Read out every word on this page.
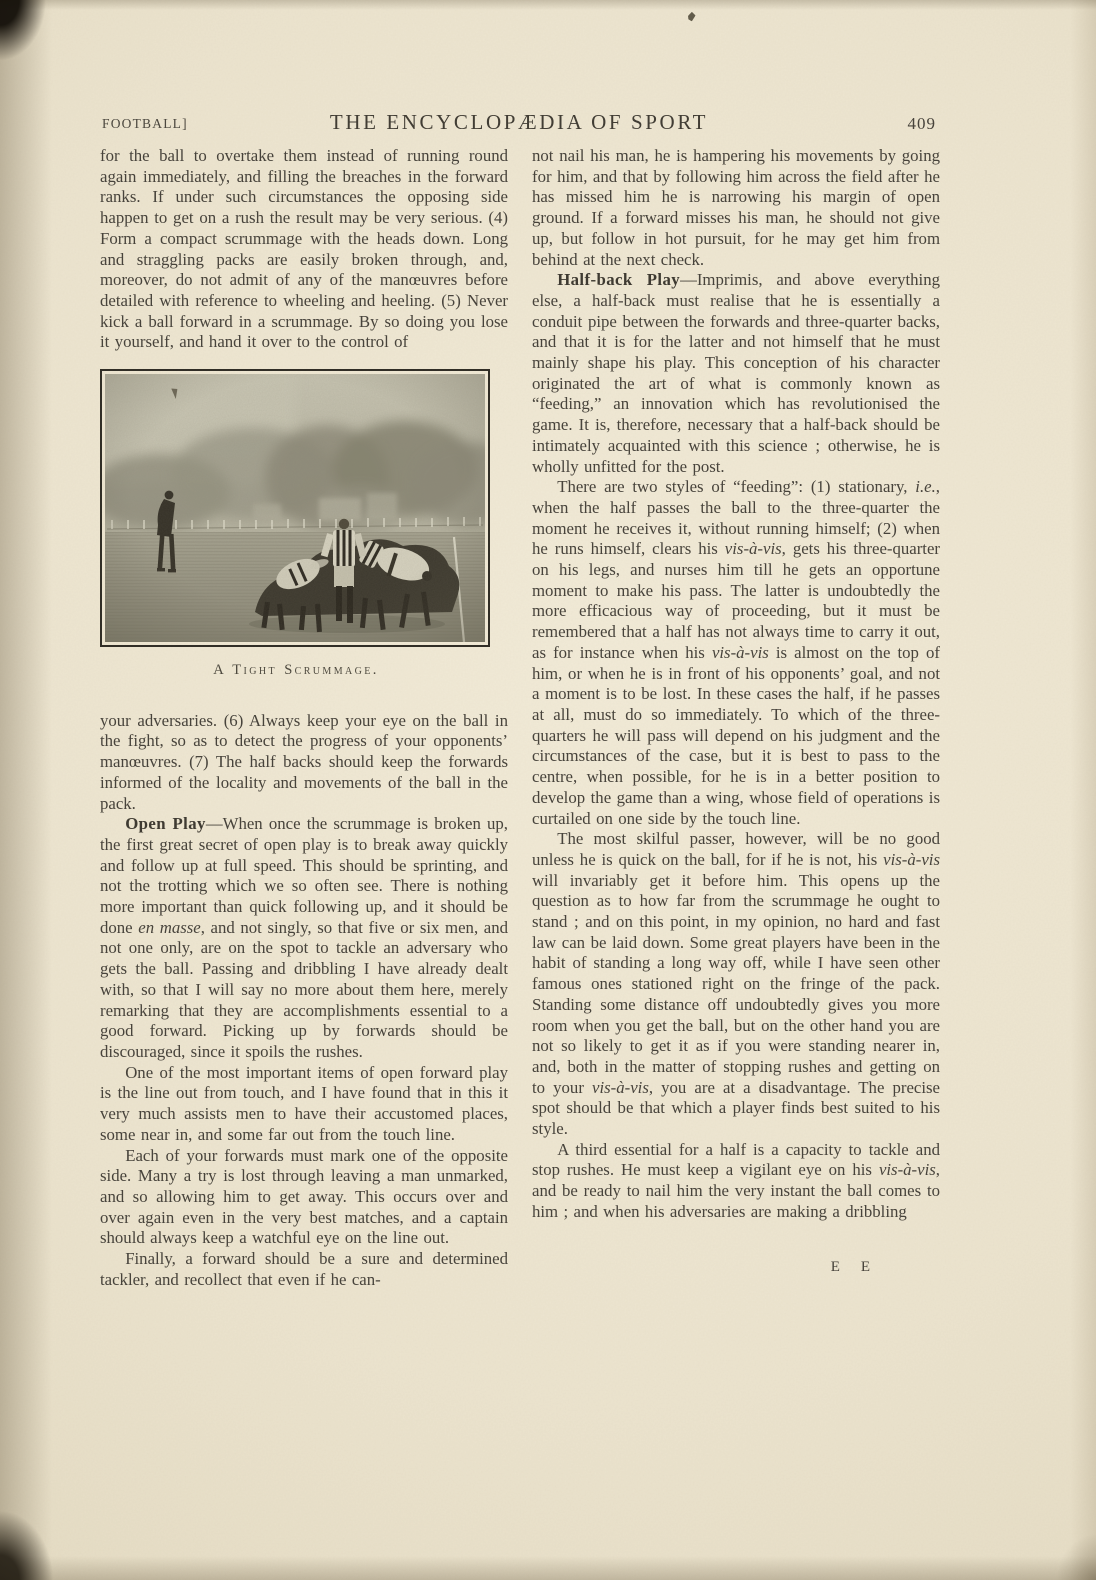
FOOTBALL]	THE ENCYCLOPÆDIA OF SPORT	409

for the ball to overtake them instead of running round again immediately, and filling the breaches in the forward ranks. If under such circumstances the opposing side happen to get on a rush the result may be very serious. (4) Form a compact scrummage with the heads down. Long and straggling packs are easily broken through, and, moreover, do not admit of any of the manœuvres before detailed with reference to wheeling and heeling. (5) Never kick a ball forward in a scrummage. By so doing you lose it yourself, and hand it over to the control of

A Tight Scrummage.

your adversaries. (6) Always keep your eye on the ball in the fight, so as to detect the progress of your opponents’ manœuvres. (7) The half backs should keep the forwards informed of the locality and movements of the ball in the pack.

Open Play—When once the scrummage is broken up, the first great secret of open play is to break away quickly and follow up at full speed. This should be sprinting, and not the trotting which we so often see. There is nothing more important than quick following up, and it should be done en masse, and not singly, so that five or six men, and not one only, are on the spot to tackle an adversary who gets the ball. Passing and dribbling I have already dealt with, so that I will say no more about them here, merely remarking that they are accomplishments essential to a good forward. Picking up by forwards should be discouraged, since it spoils the rushes.

One of the most important items of open forward play is the line out from touch, and I have found that in this it very much assists men to have their accustomed places, some near in, and some far out from the touch line.

Each of your forwards must mark one of the opposite side. Many a try is lost through leaving a man unmarked, and so allowing him to get away. This occurs over and over again even in the very best matches, and a captain should always keep a watchful eye on the line out.

Finally, a forward should be a sure and determined tackler, and recollect that even if he can-

not nail his man, he is hampering his movements by going for him, and that by following him across the field after he has missed him he is narrowing his margin of open ground. If a forward misses his man, he should not give up, but follow in hot pursuit, for he may get him from behind at the next check.

Half-back Play—Imprimis, and above everything else, a half-back must realise that he is essentially a conduit pipe between the forwards and three-quarter backs, and that it is for the latter and not himself that he must mainly shape his play. This conception of his character originated the art of what is commonly known as “feeding,” an innovation which has revolutionised the game. It is, therefore, necessary that a half-back should be intimately acquainted with this science ; otherwise, he is wholly unfitted for the post.

There are two styles of “feeding”: (1) stationary, i.e., when the half passes the ball to the three-quarter the moment he receives it, without running himself; (2) when he runs himself, clears his vis-à-vis, gets his three-quarter on his legs, and nurses him till he gets an opportune moment to make his pass. The latter is undoubtedly the more efficacious way of proceeding, but it must be remembered that a half has not always time to carry it out, as for instance when his vis-à-vis is almost on the top of him, or when he is in front of his opponents’ goal, and not a moment is to be lost. In these cases the half, if he passes at all, must do so immediately. To which of the three-quarters he will pass will depend on his judgment and the circumstances of the case, but it is best to pass to the centre, when possible, for he is in a better position to develop the game than a wing, whose field of operations is curtailed on one side by the touch line.

The most skilful passer, however, will be no good unless he is quick on the ball, for if he is not, his vis-à-vis will invariably get it before him. This opens up the question as to how far from the scrummage he ought to stand ; and on this point, in my opinion, no hard and fast law can be laid down. Some great players have been in the habit of standing a long way off, while I have seen other famous ones stationed right on the fringe of the pack. Standing some distance off undoubtedly gives you more room when you get the ball, but on the other hand you are not so likely to get it as if you were standing nearer in, and, both in the matter of stopping rushes and getting on to your vis-à-vis, you are at a disadvantage. The precise spot should be that which a player finds best suited to his style.

A third essential for a half is a capacity to tackle and stop rushes. He must keep a vigilant eye on his vis-à-vis, and be ready to nail him the very instant the ball comes to him ; and when his adversaries are making a dribbling

E E
